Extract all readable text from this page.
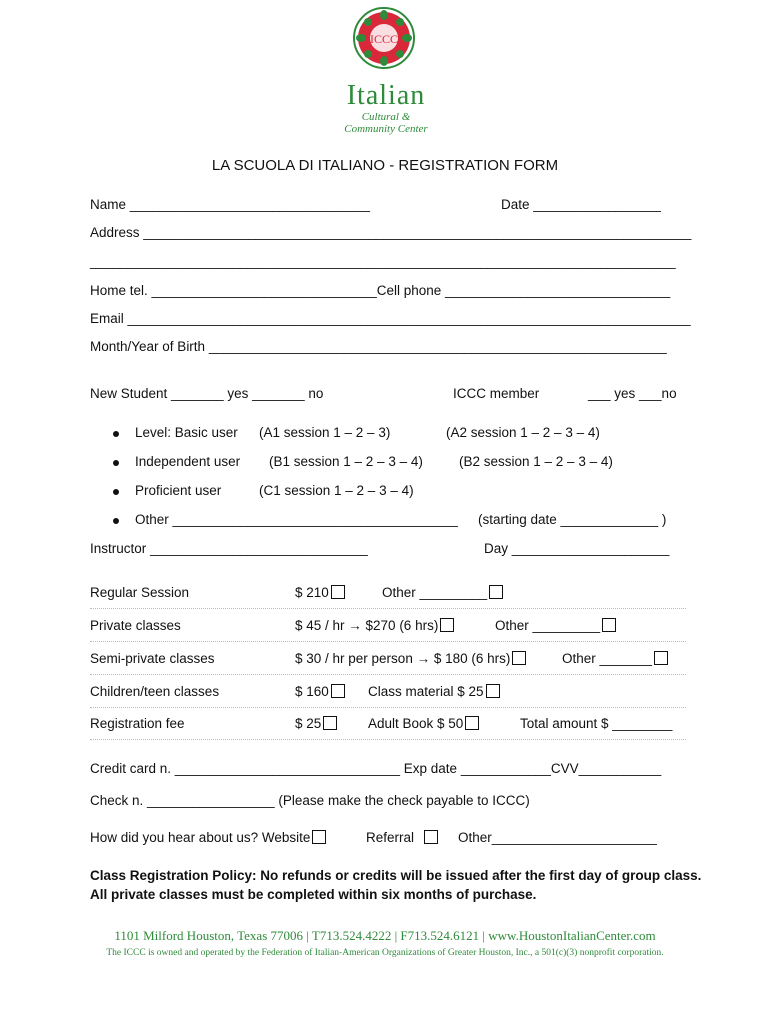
ICCC
Italian
Cultural &
Community Center
LA SCUOLA DI ITALIANO - REGISTRATION FORM
Name ________________________________	Date _________________
Address _________________________________________________________________________
______________________________________________________________________________
Home tel. ______________________________Cell phone ______________________________
Email ___________________________________________________________________________
Month/Year of Birth _____________________________________________________________
New Student _______ yes _______ no	ICCC member	___ yes ___no
Level: Basic user (A1 session 1 – 2 – 3)	(A2 session 1 – 2 – 3 – 4)
Independent user (B1 session 1 – 2 – 3 – 4)	(B2 session 1 – 2 – 3 – 4)
Proficient user	(C1 session 1 – 2 – 3 – 4)
Other ______________________________________ (starting date _____________ )
Instructor _____________________________	Day _____________________
Regular Session	$ 210	Other _________
Private classes	$ 45 / hr → $270 (6 hrs)	Other _________
Semi-private classes	$ 30 / hr per person → $ 180 (6 hrs)	Other _______
Children/teen classes	$ 160	Class material $ 25
Registration fee	$ 25	Adult Book $ 50	Total amount $ ________
Credit card n. ______________________________ Exp date ____________CVV___________
Check n. _________________ (Please make the check payable to ICCC)
How did you hear about us? Website	Referral	Other______________________
Class Registration Policy: No refunds or credits will be issued after the first day of group class.
All private classes must be completed within six months of purchase.
1101 Milford Houston, Texas 77006 | T713.524.4222 | F713.524.6121 | www.HoustonItalianCenter.com
The ICCC is owned and operated by the Federation of Italian-American Organizations of Greater Houston, Inc., a 501(c)(3) nonprofit corporation.
